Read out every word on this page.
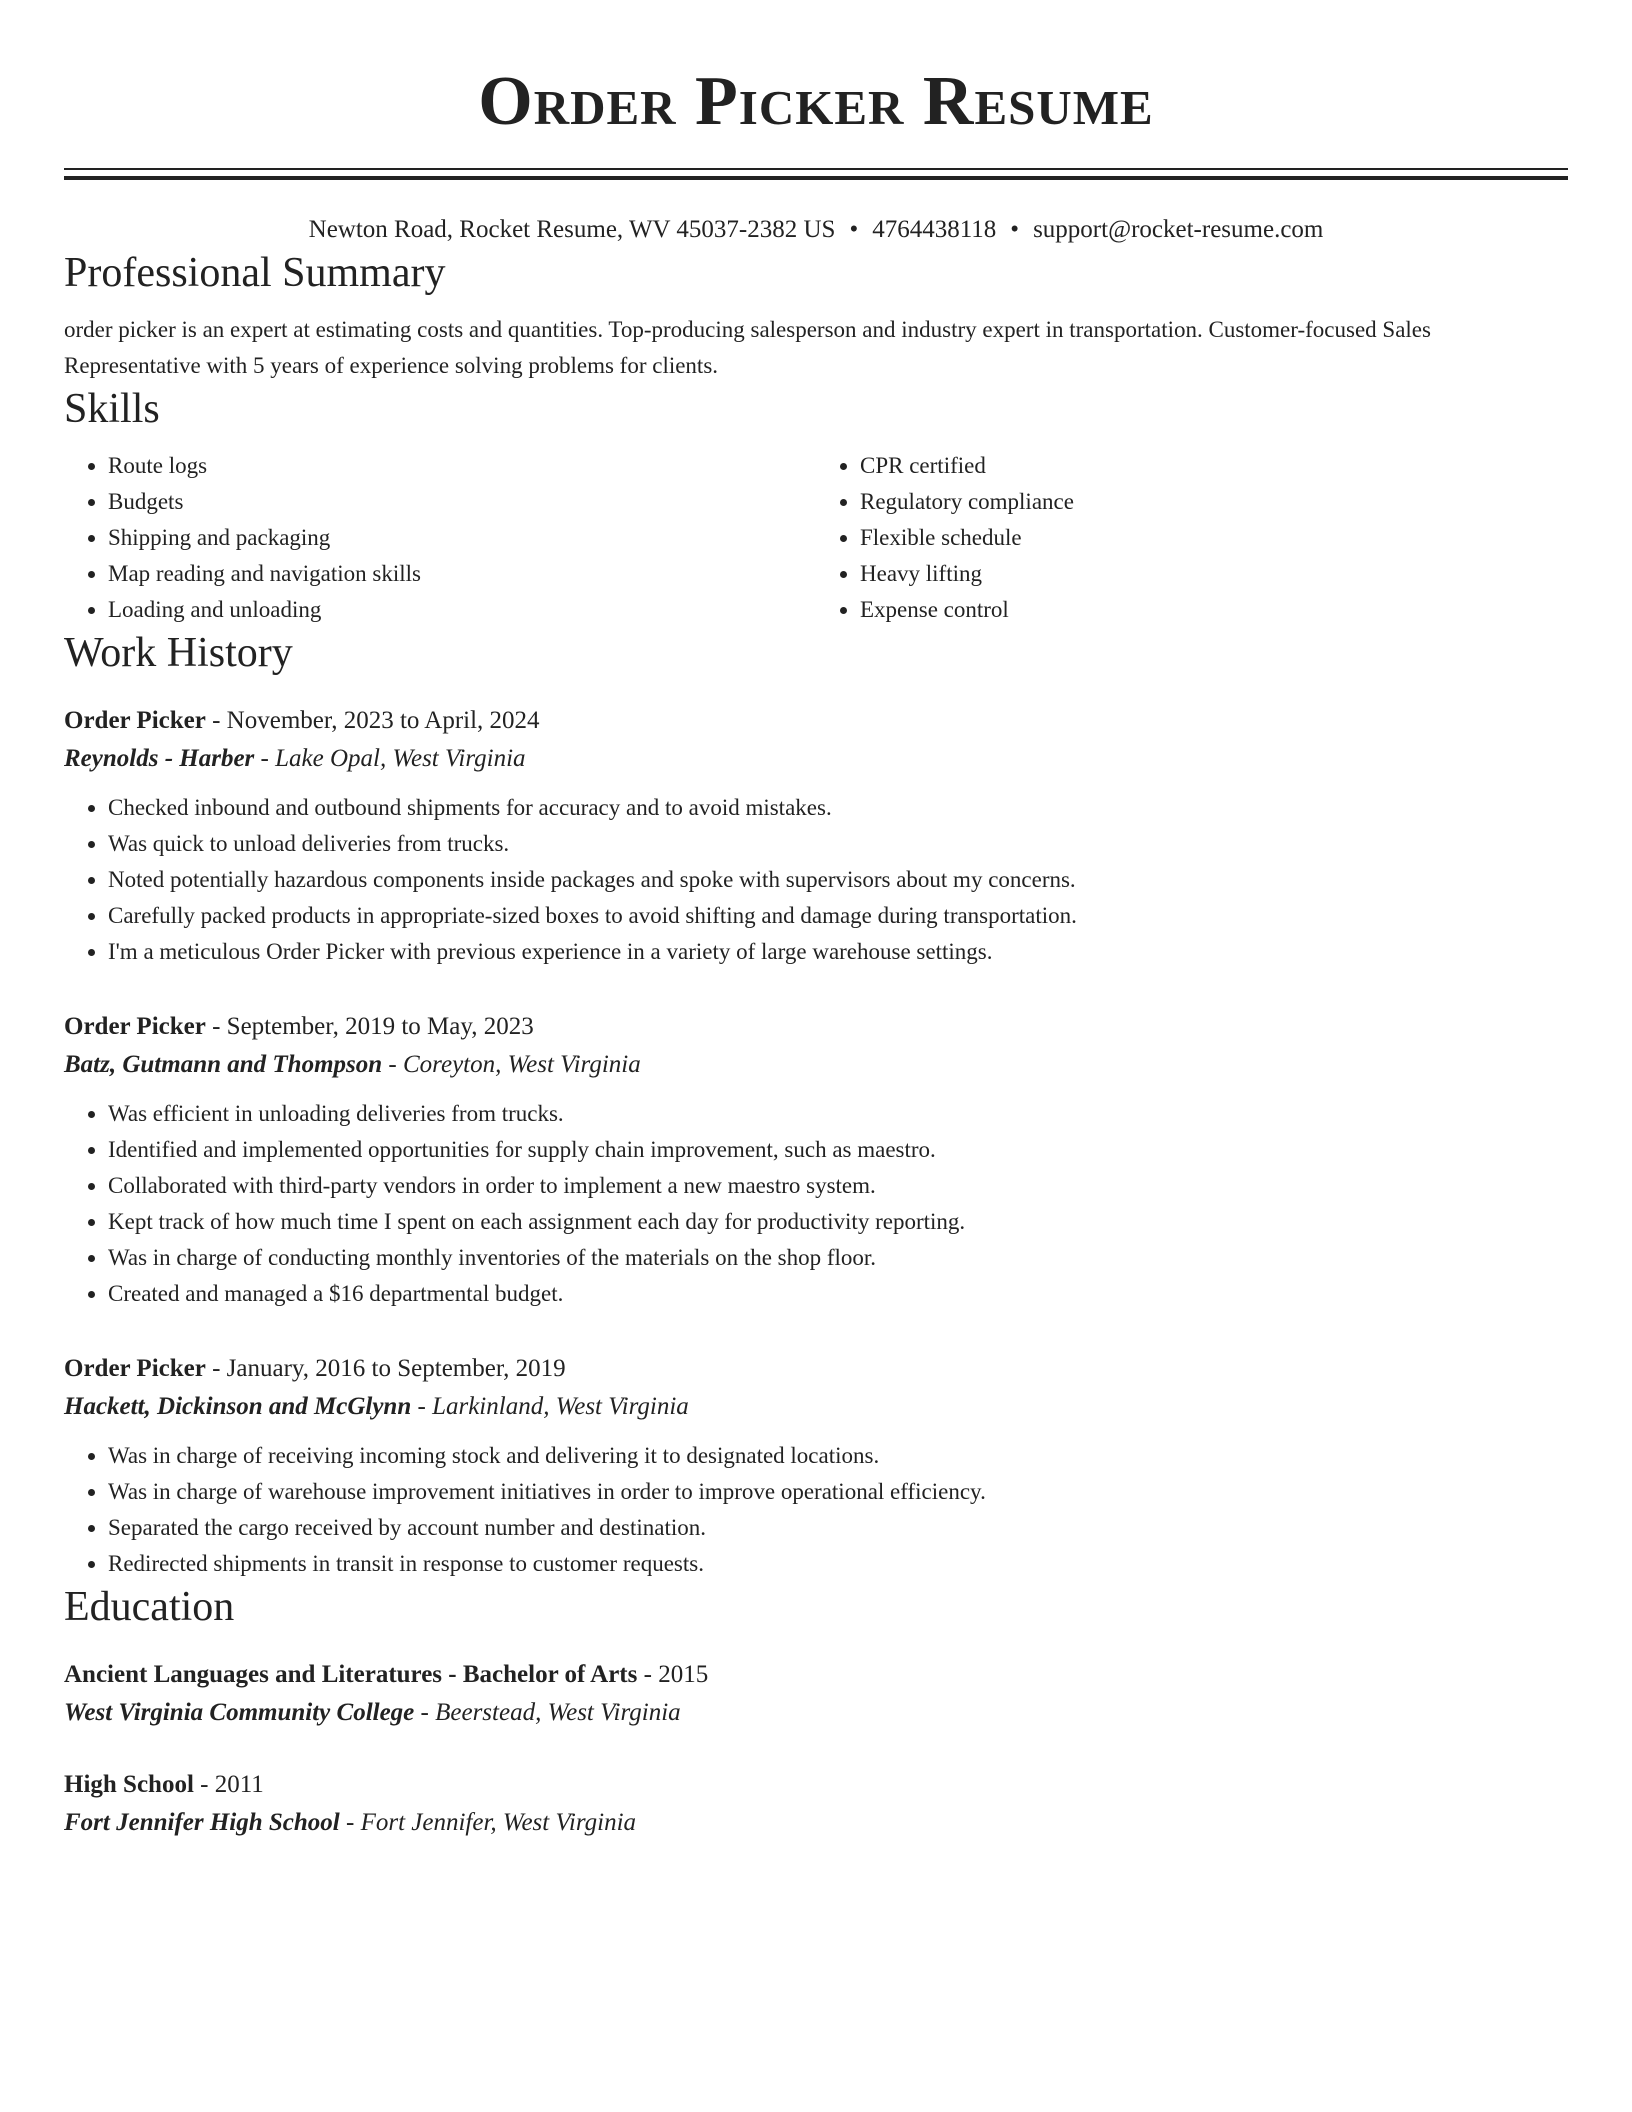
Order Picker Resume
Newton Road, Rocket Resume, WV 45037-2382 US • 4764438118 • support@rocket-resume.com
Professional Summary

order picker is an expert at estimating costs and quantities. Top-producing salesperson and industry expert in transportation. Customer-focused Sales Representative with 5 years of experience solving problems for clients.

Skills
• Route logs
• Budgets
• Shipping and packaging
• Map reading and navigation skills
• Loading and unloading
• CPR certified
• Regulatory compliance
• Flexible schedule
• Heavy lifting
• Expense control
Work History
Order Picker - November, 2023 to April, 2024
Reynolds - Harber - Lake Opal, West Virginia
• Checked inbound and outbound shipments for accuracy and to avoid mistakes.
• Was quick to unload deliveries from trucks.
• Noted potentially hazardous components inside packages and spoke with supervisors about my concerns.
• Carefully packed products in appropriate-sized boxes to avoid shifting and damage during transportation.
• I'm a meticulous Order Picker with previous experience in a variety of large warehouse settings.
Order Picker - September, 2019 to May, 2023
Batz, Gutmann and Thompson - Coreyton, West Virginia
• Was efficient in unloading deliveries from trucks.
• Identified and implemented opportunities for supply chain improvement, such as maestro.
• Collaborated with third-party vendors in order to implement a new maestro system.
• Kept track of how much time I spent on each assignment each day for productivity reporting.
• Was in charge of conducting monthly inventories of the materials on the shop floor.
• Created and managed a $16 departmental budget.
Order Picker - January, 2016 to September, 2019
Hackett, Dickinson and McGlynn - Larkinland, West Virginia
• Was in charge of receiving incoming stock and delivering it to designated locations.
• Was in charge of warehouse improvement initiatives in order to improve operational efficiency.
• Separated the cargo received by account number and destination.
• Redirected shipments in transit in response to customer requests.
Education
Ancient Languages and Literatures - Bachelor of Arts - 2015
West Virginia Community College - Beerstead, West Virginia
High School - 2011
Fort Jennifer High School - Fort Jennifer, West Virginia
